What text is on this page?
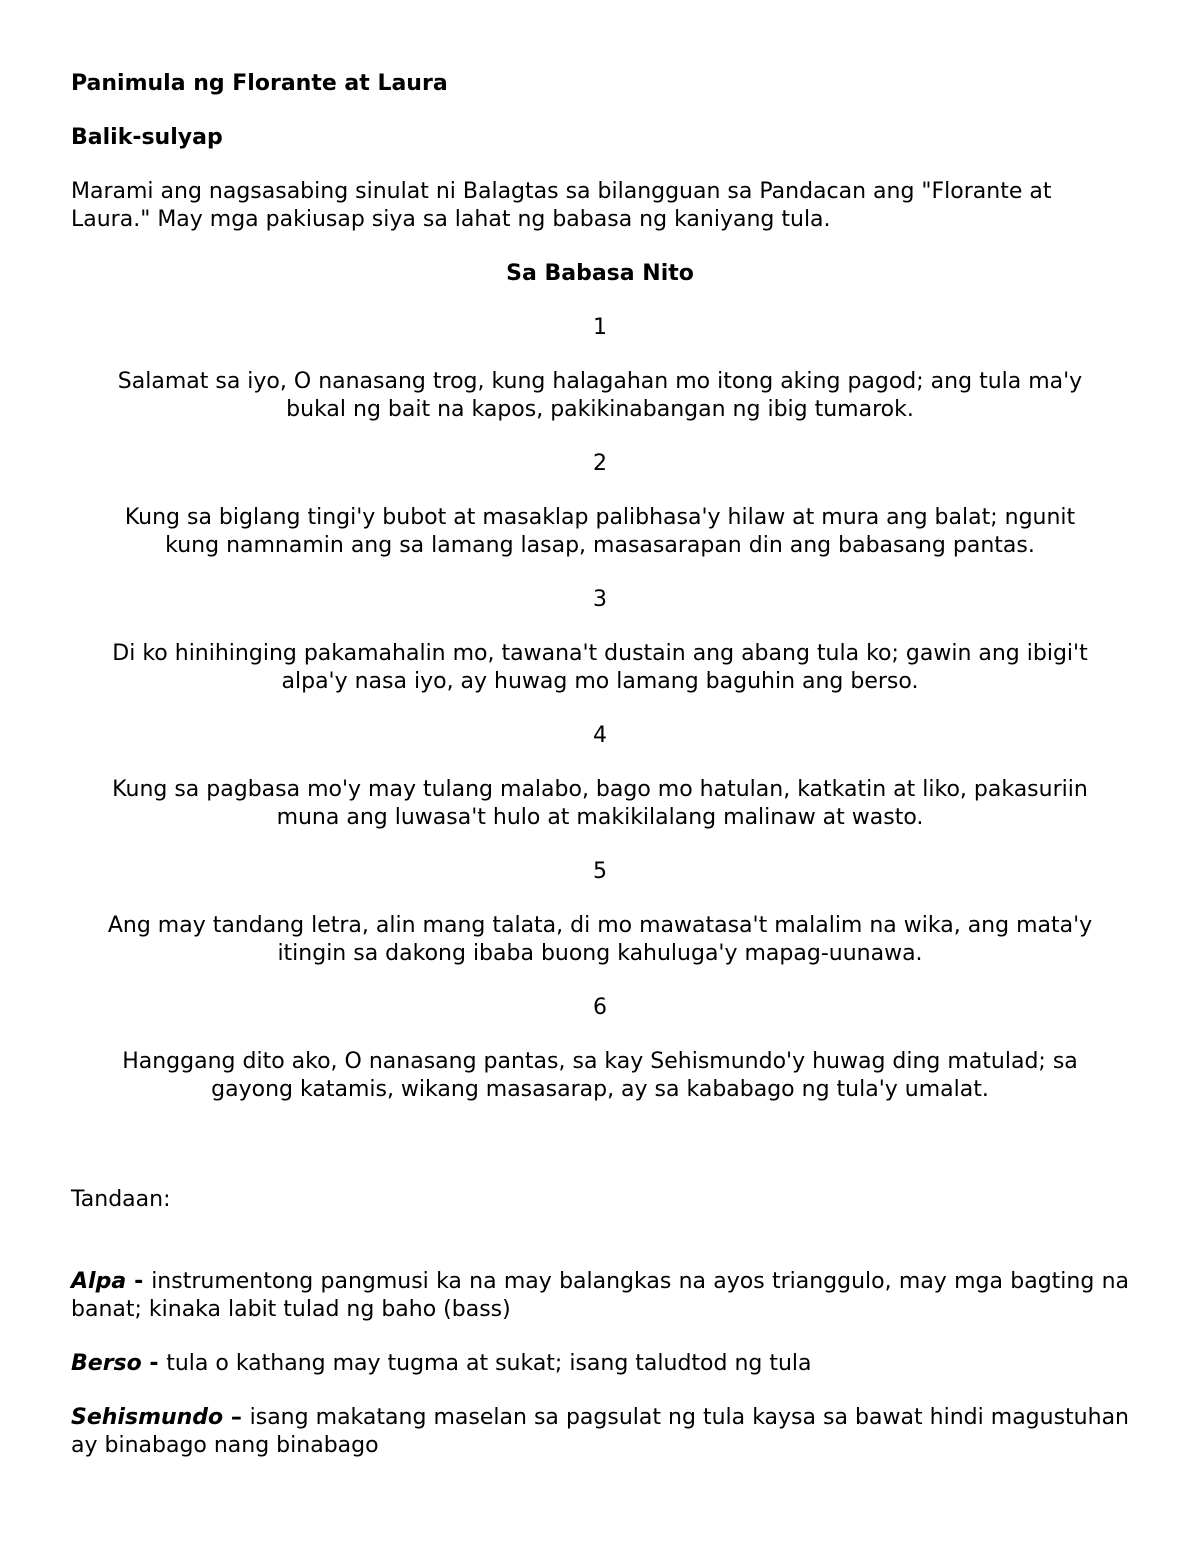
Panimula ng Florante at Laura
Balik-sulyap
Marami ang nagsasabing sinulat ni Balagtas sa bilangguan sa Pandacan ang "Florante at Laura." May mga pakiusap siya sa lahat ng babasa ng kaniyang tula.
Sa Babasa Nito
1
Salamat sa iyo, O nanasang trog, kung halagahan mo itong aking pagod; ang tula ma'y
bukal ng bait na kapos, pakikinabangan ng ibig tumarok.
2
Kung sa biglang tingi'y bubot at masaklap palibhasa'y hilaw at mura ang balat; ngunit
kung namnamin ang sa lamang lasap, masasarapan din ang babasang pantas.
3
Di ko hinihinging pakamahalin mo, tawana't dustain ang abang tula ko; gawin ang ibigi't
alpa'y nasa iyo, ay huwag mo lamang baguhin ang berso.
4
Kung sa pagbasa mo'y may tulang malabo, bago mo hatulan, katkatin at liko, pakasuriin
muna ang luwasa't hulo at makikilalang malinaw at wasto.
5
Ang may tandang letra, alin mang talata, di mo mawatasa't malalim na wika, ang mata'y
itingin sa dakong ibaba buong kahuluga'y mapag-uunawa.
6
Hanggang dito ako, O nanasang pantas, sa kay Sehismundo'y huwag ding matulad; sa
gayong katamis, wikang masasarap, ay sa kababago ng tula'y umalat.
Tandaan:
Alpa - instrumentong pangmusi ka na may balangkas na ayos trianggulo, may mga bagting na banat; kinaka labit tulad ng baho (bass)
Berso - tula o kathang may tugma at sukat; isang taludtod ng tula
Sehismundo – isang makatang maselan sa pagsulat ng tula kaysa sa bawat hindi magustuhan ay binabago nang binabago
